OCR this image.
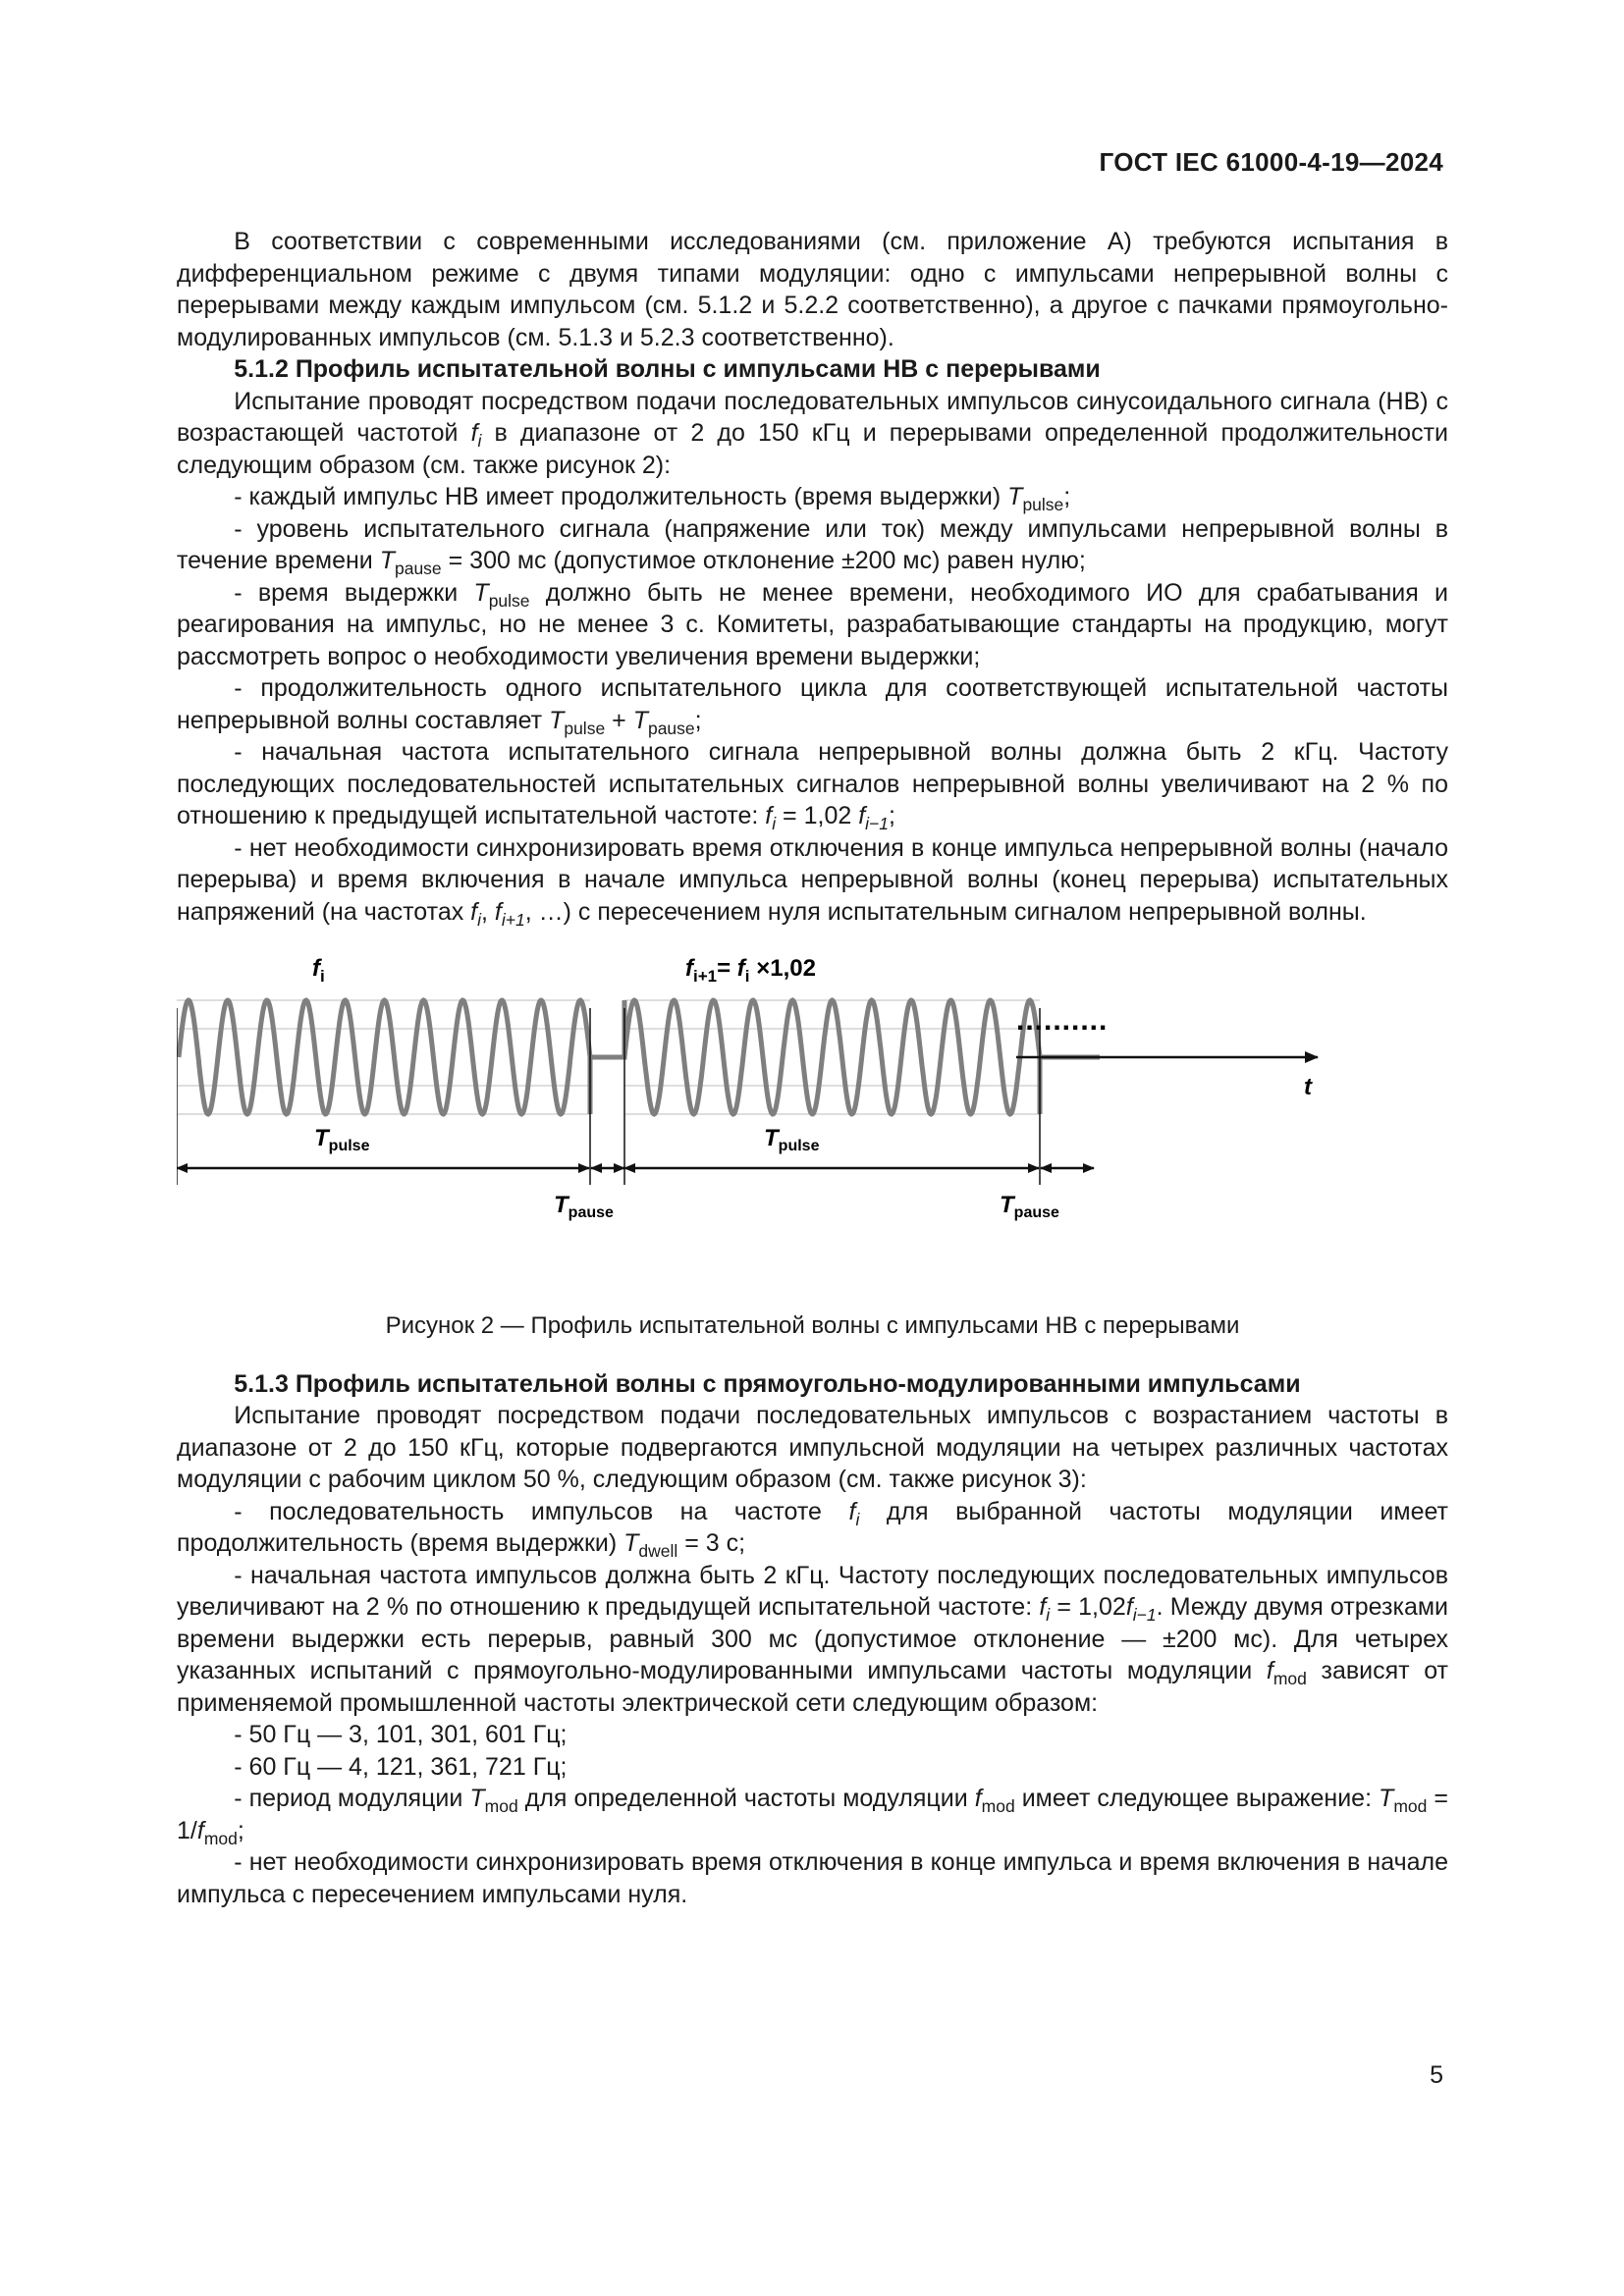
ГОСТ IEC 61000-4-19—2024

В соответствии с современными исследованиями (см. приложение А) требуются испытания в дифференциальном режиме с двумя типами модуляции: одно с импульсами непрерывной волны с перерывами между каждым импульсом (см. 5.1.2 и 5.2.2 соответственно), а другое с пачками прямоугольно-модулированных импульсов (см. 5.1.3 и 5.2.3 соответственно).

5.1.2 Профиль испытательной волны с импульсами НВ с перерывами

Испытание проводят посредством подачи последовательных импульсов синусоидального сигнала (НВ) с возрастающей частотой $f_i$ в диапазоне от 2 до 150 кГц и перерывами определенной продолжительности следующим образом (см. также рисунок 2):

- каждый импульс НВ имеет продолжительность (время выдержки) $T_{pulse}$;

- уровень испытательного сигнала (напряжение или ток) между импульсами непрерывной волны в течение времени $T_{pause} = 300$ мс (допустимое отклонение ±200 мс) равен нулю;

- время выдержки $T_{pulse}$ должно быть не менее времени, необходимого ИО для срабатывания и реагирования на импульс, но не менее 3 с. Комитеты, разрабатывающие стандарты на продукцию, могут рассмотреть вопрос о необходимости увеличения времени выдержки;

- продолжительность одного испытательного цикла для соответствующей испытательной частоты непрерывной волны составляет $T_{pulse} + T_{pause}$;

- начальная частота испытательного сигнала непрерывной волны должна быть 2 кГц. Частоту последующих последовательностей испытательных сигналов непрерывной волны увеличивают на 2 % по отношению к предыдущей испытательной частоте: $f_i = 1,02$ $f_{i-1}$;

- нет необходимости синхронизировать время отключения в конце импульса непрерывной волны (начало перерыва) и время включения в начале импульса непрерывной волны (конец перерыва) испытательных напряжений (на частотах $f_i$, $f_{i+1}$, …) с пересечением нуля испытательным сигналом непрерывной волны.

t
..........
$f_i$	$f_{i+1}= f_i \times 1,02$
$T_{pulse}$	$T_{pulse}$
$T_{pause}$	$T_{pause}$
Рисунок 2 — Профиль испытательной волны с импульсами НВ с перерывами
5.1.3 Профиль испытательной волны с прямоугольно-модулированными импульсами

Испытание проводят посредством подачи последовательных импульсов с возрастанием частоты в диапазоне от 2 до 150 кГц, которые подвергаются импульсной модуляции на четырех различных частотах модуляции с рабочим циклом 50 %, следующим образом (см. также рисунок 3):

- последовательность импульсов на частоте $f_i$ для выбранной частоты модуляции имеет продолжительность (время выдержки) $T_{dwell} = 3$ с;

- начальная частота импульсов должна быть 2 кГц. Частоту последующих последовательных импульсов увеличивают на 2 % по отношению к предыдущей испытательной частоте: $f_i = 1,02f_{i-1}$. Между двумя отрезками времени выдержки есть перерыв, равный 300 мс (допустимое отклонение — ±200 мс). Для четырех указанных испытаний с прямоугольно-модулированными импульсами частоты модуляции $f_{mod}$ зависят от применяемой промышленной частоты электрической сети следующим образом:

- 50 Гц — 3, 101, 301, 601 Гц;

- 60 Гц — 4, 121, 361, 721 Гц;

- период модуляции $T_{mod}$ для определенной частоты модуляции $f_{mod}$ имеет следующее выражение: $T_{mod} = 1/f_{mod}$;

- нет необходимости синхронизировать время отключения в конце импульса и время включения в начале импульса с пересечением импульсами нуля.

5
